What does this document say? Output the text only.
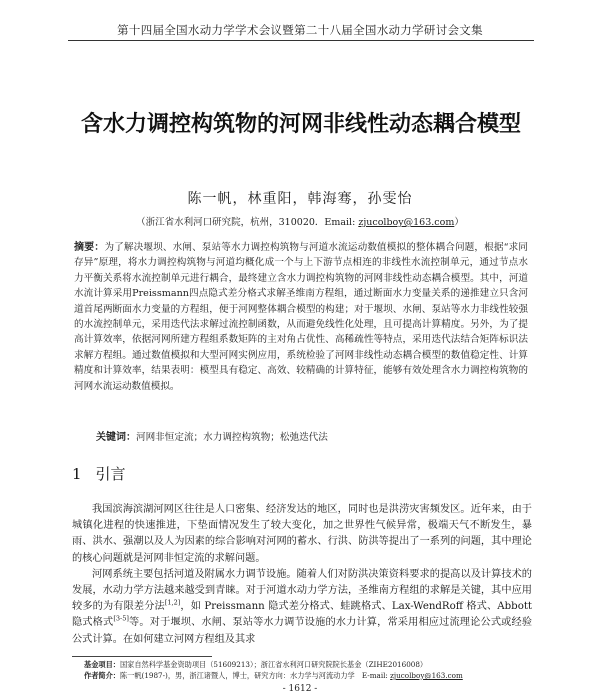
第十四届全国水动力学学术会议暨第二十八届全国水动力学研讨会文集
含水力调控构筑物的河网非线性动态耦合模型
陈一帆，林重阳，韩海骞，孙雯怡
（浙江省水利河口研究院，杭州，310020．Email: zjucolboy@163.com）
摘要：为了解决堰坝、水闸、泵站等水力调控构筑物与河道水流运动数值模拟的整体耦合问题，根据“求同存异”原理，将水力调控构筑物与河道均概化成一个与上下游节点相连的非线性水流控制单元，通过节点水力平衡关系将水流控制单元进行耦合，最终建立含水力调控构筑物的河网非线性动态耦合模型。其中，河道水流计算采用Preissmann四点隐式差分格式求解圣维南方程组，通过断面水力变量关系的递推建立只含河道首尾两断面水力变量的方程组，便于河网整体耦合模型的构建；对于堰坝、水闸、泵站等水力非线性较强的水流控制单元，采用迭代法求解过流控制函数，从而避免线性化处理，且可提高计算精度。另外，为了提高计算效率，依据河网所建方程组系数矩阵的主对角占优性、高稀疏性等特点，采用迭代法结合矩阵标识法求解方程组。通过数值模拟和大型河网实例应用，系统检验了河网非线性动态耦合模型的数值稳定性、计算精度和计算效率，结果表明：模型具有稳定、高效、较精确的计算特征，能够有效处理含水力调控构筑物的河网水流运动数值模拟。
关键词：河网非恒定流；水力调控构筑物；松弛迭代法
1 引言

我国滨海滨湖河网区往往是人口密集、经济发达的地区，同时也是洪涝灾害频发区。近年来，由于城镇化进程的快速推进，下垫面情况发生了较大变化，加之世界性气候异常，极端天气不断发生，暴雨、洪水、强潮以及人为因素的综合影响对河网的蓄水、行洪、防洪等提出了一系列的问题，其中理论的核心问题就是河网非恒定流的求解问题。

河网系统主要包括河道及附属水力调节设施。随着人们对防洪决策资料要求的提高以及计算技术的发展，水动力学方法越来越受到青睐。对于河道水动力学方法，圣维南方程组的求解是关键，其中应用较多的为有限差分法[1,2]，如 Preissmann 隐式差分格式、蛙跳格式、Lax-WendRoff 格式、Abbott 隐式格式[3-5]等。对于堰坝、水闸、泵站等水力调节设施的水力计算，常采用相应过流理论公式或经验公式计算。在如何建立河网方程组及其求

基金项目：国家自然科学基金资助项目（51609213）；浙江省水利河口研究院院长基金（ZIHE2016008）
作者简介：陈一帆(1987-)，男，浙江诸暨人，博士，研究方向：水力学与河流动力学　E-mail: zjucolboy@163.com
- 1612 -
